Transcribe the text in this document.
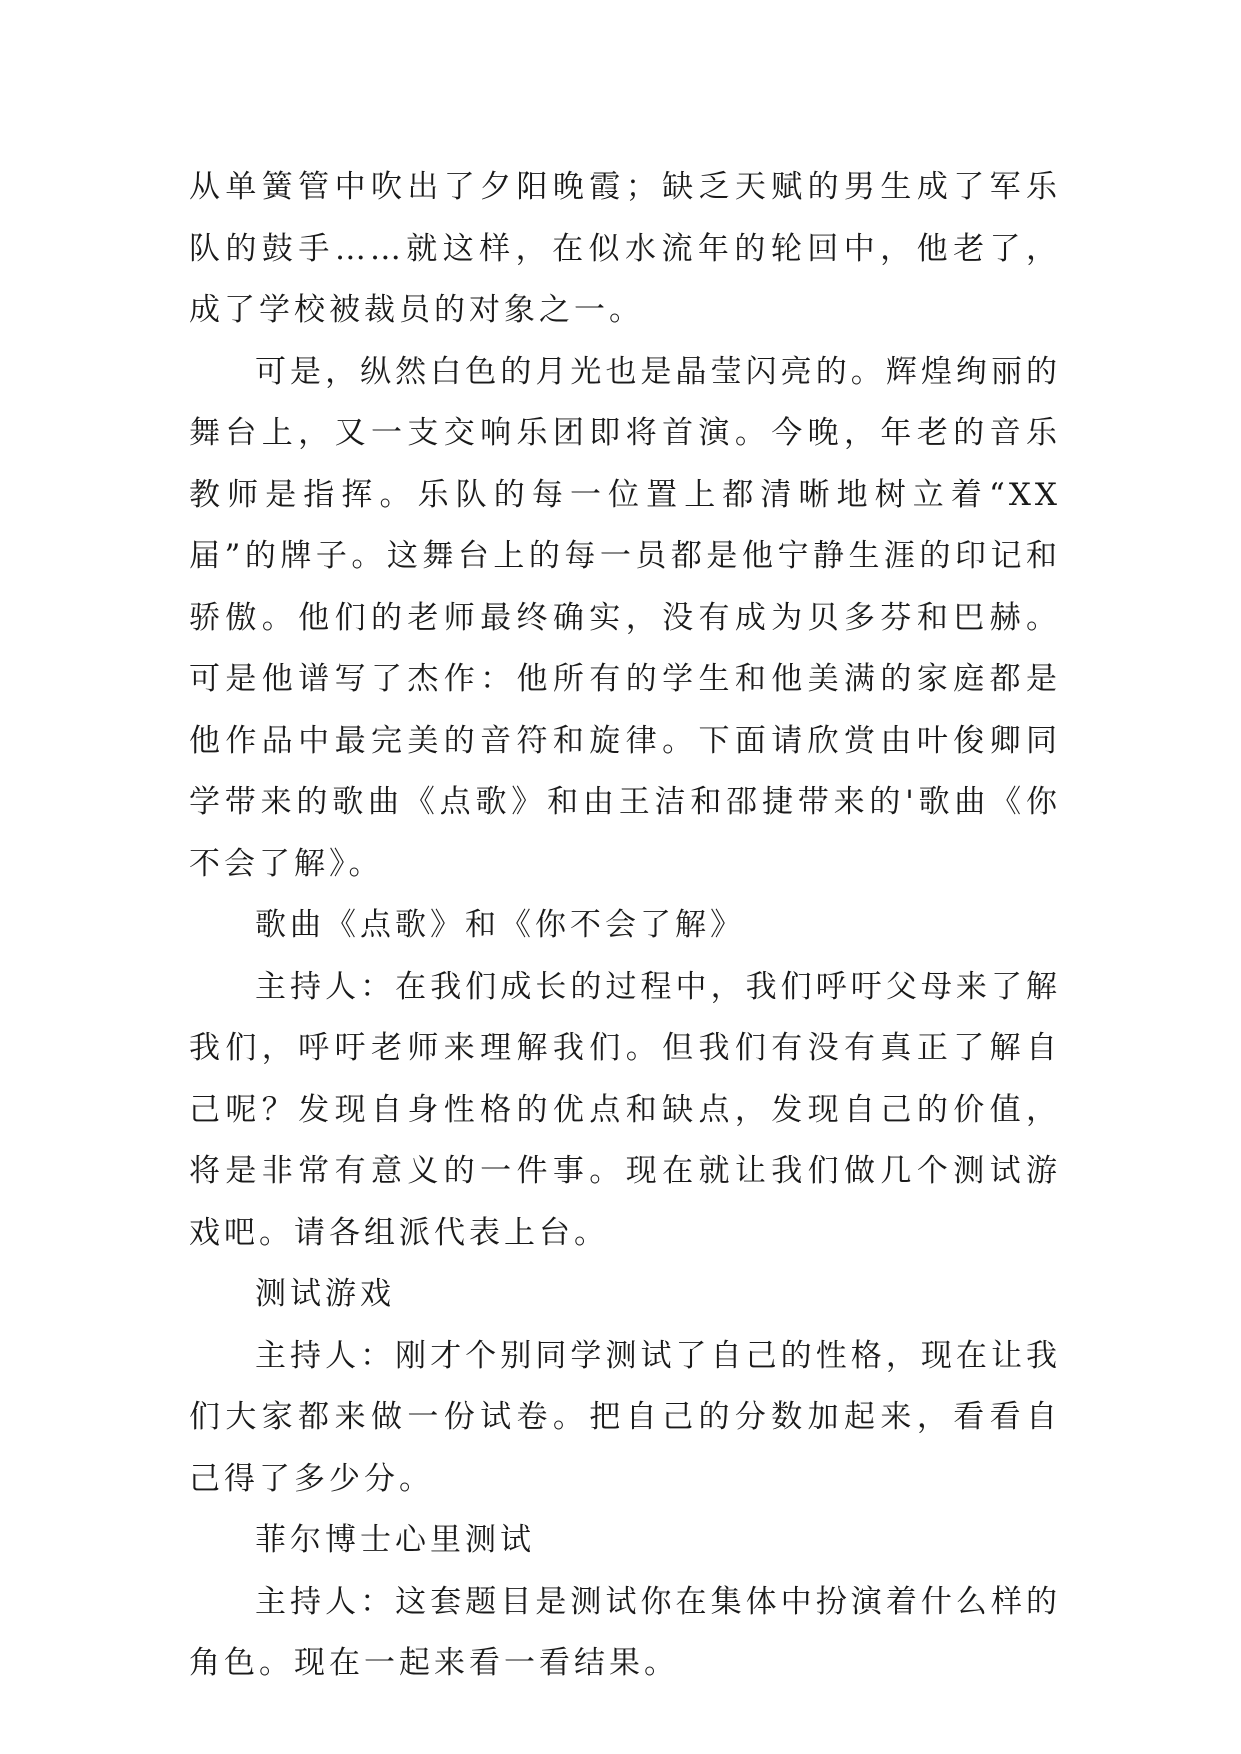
从单簧管中吹出了夕阳晚霞；缺乏天赋的男生成了军乐队的鼓手……就这样，在似水流年的轮回中，他老了，成了学校被裁员的对象之一。

可是，纵然白色的月光也是晶莹闪亮的。辉煌绚丽的舞台上，又一支交响乐团即将首演。今晚，年老的音乐教师是指挥。乐队的每一位置上都清晰地树立着“XX届”的牌子。这舞台上的每一员都是他宁静生涯的印记和骄傲。他们的老师最终确实，没有成为贝多芬和巴赫。可是他谱写了杰作：他所有的学生和他美满的家庭都是他作品中最完美的音符和旋律。下面请欣赏由叶俊卿同学带来的歌曲《点歌》和由王洁和邵捷带来的'歌曲《你不会了解》。

歌曲《点歌》和《你不会了解》

主持人：在我们成长的过程中，我们呼吁父母来了解我们，呼吁老师来理解我们。但我们有没有真正了解自己呢？发现自身性格的优点和缺点，发现自己的价值，将是非常有意义的一件事。现在就让我们做几个测试游戏吧。请各组派代表上台。

测试游戏

主持人：刚才个别同学测试了自己的性格，现在让我们大家都来做一份试卷。把自己的分数加起来，看看自己得了多少分。

菲尔博士心里测试

主持人：这套题目是测试你在集体中扮演着什么样的角色。现在一起来看一看结果。
